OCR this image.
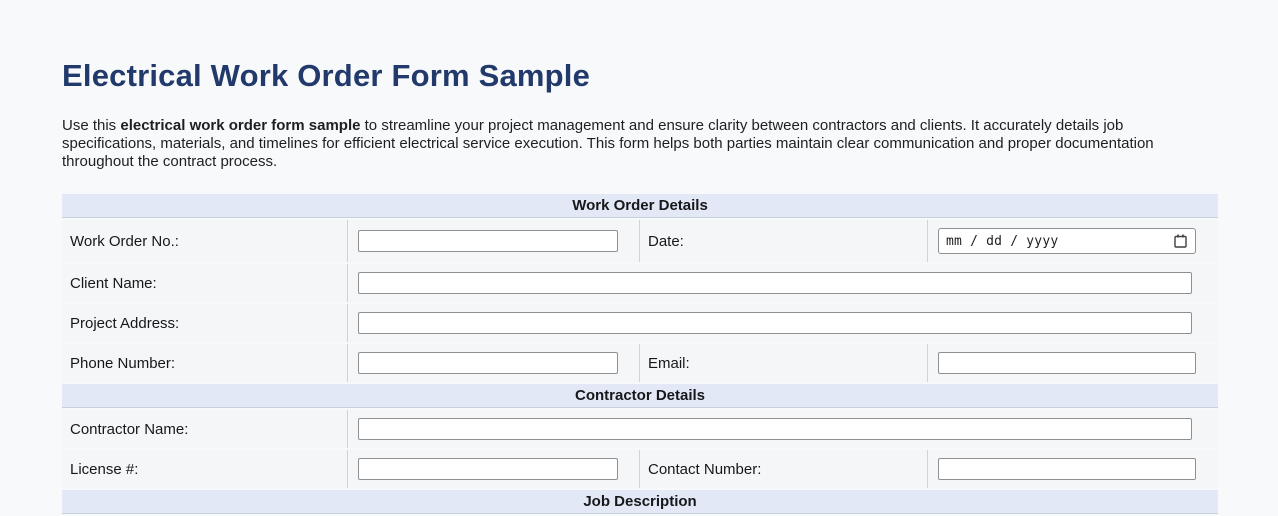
Electrical Work Order Form Sample

Use this electrical work order form sample to streamline your project management and ensure clarity between contractors and clients. It accurately details job specifications, materials, and timelines for efficient electrical service execution. This form helps both parties maintain clear communication and proper documentation throughout the contract process.

Work Order Details			
Work Order No.:		Date:	mm / dd / yyyy

Client Name:	

Project Address:	

Phone Number:		Email:	

Contractor Details			
Contractor Name:	

License #:		Contact Number:	

Job Description			
